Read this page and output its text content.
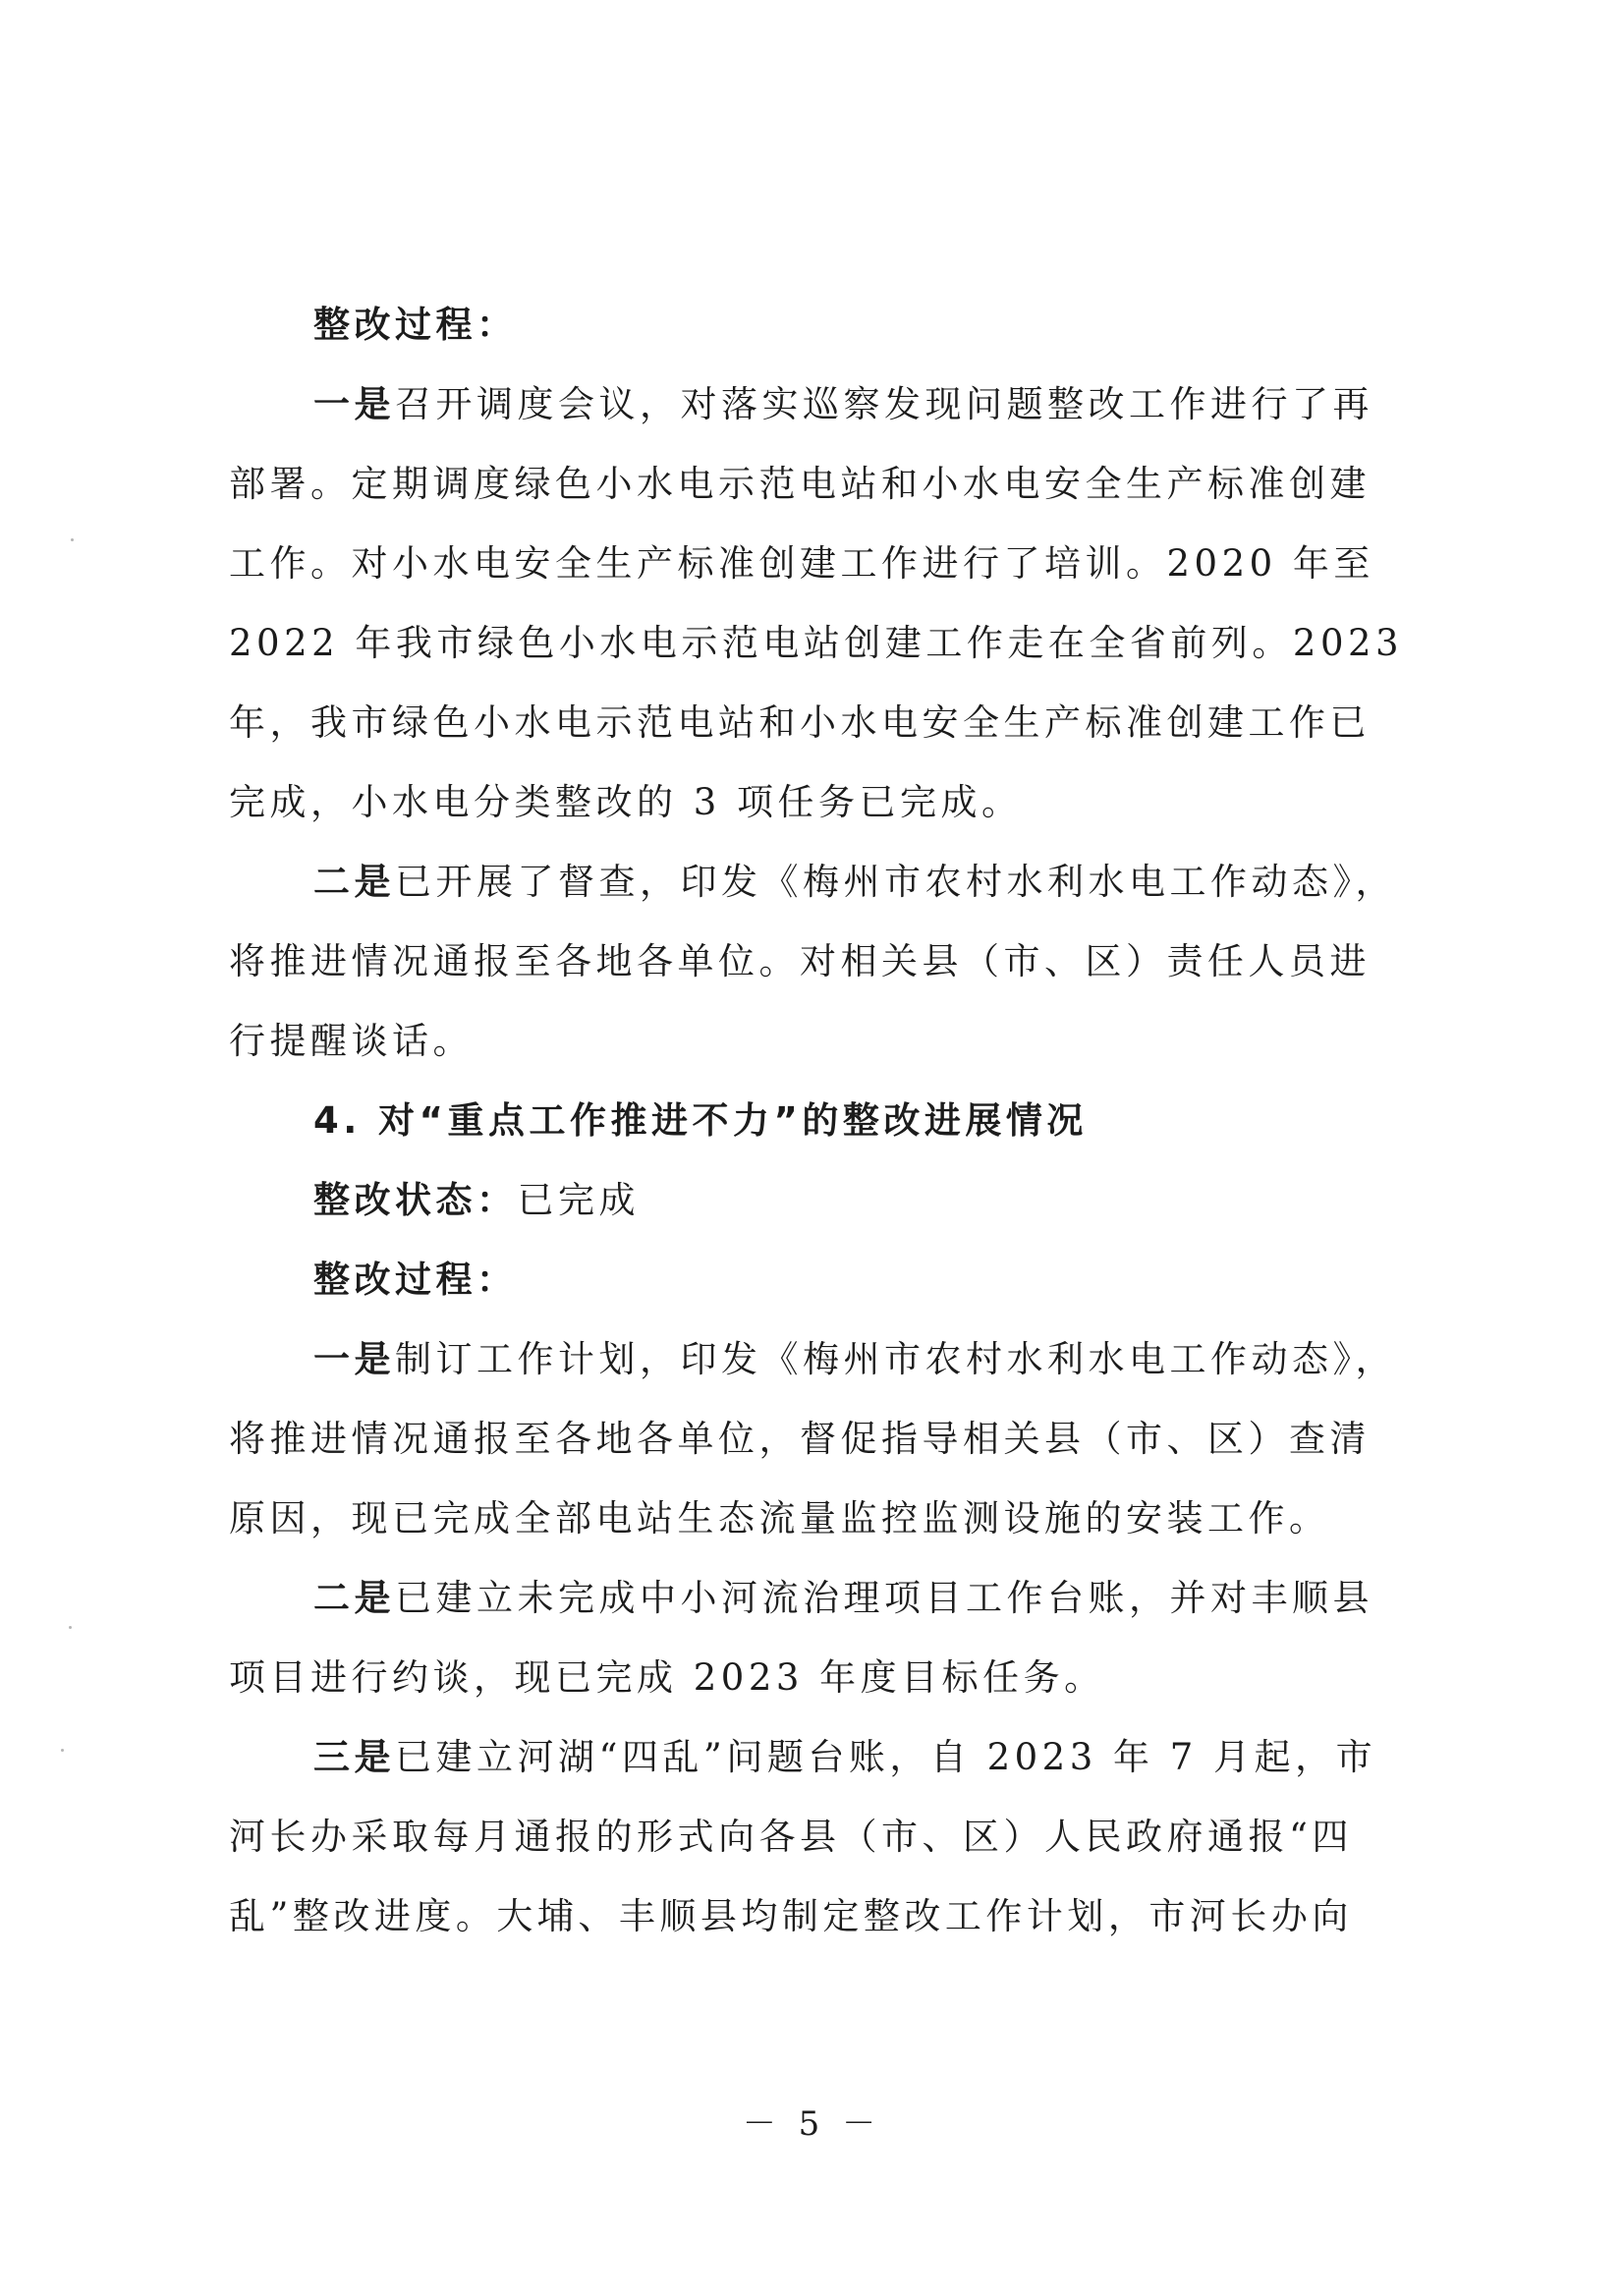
整改过程：
一是召开调度会议，对落实巡察发现问题整改工作进行了再
部署。定期调度绿色小水电示范电站和小水电安全生产标准创建
工作。对小水电安全生产标准创建工作进行了培训。2020 年至
2022 年我市绿色小水电示范电站创建工作走在全省前列。2023
年，我市绿色小水电示范电站和小水电安全生产标准创建工作已
完成，小水电分类整改的 3 项任务已完成。
二是已开展了督查，印发《梅州市农村水利水电工作动态》，
将推进情况通报至各地各单位。对相关县（市、区）责任人员进
行提醒谈话。
4. 对“重点工作推进不力”的整改进展情况
整改状态：已完成
整改过程：
一是制订工作计划，印发《梅州市农村水利水电工作动态》，
将推进情况通报至各地各单位，督促指导相关县（市、区）查清
原因，现已完成全部电站生态流量监控监测设施的安装工作。
二是已建立未完成中小河流治理项目工作台账，并对丰顺县
项目进行约谈，现已完成 2023 年度目标任务。
三是已建立河湖“四乱”问题台账，自 2023 年 7 月起，市
河长办采取每月通报的形式向各县（市、区）人民政府通报“四
乱”整改进度。大埔、丰顺县均制定整改工作计划，市河长办向
－ 5 －
